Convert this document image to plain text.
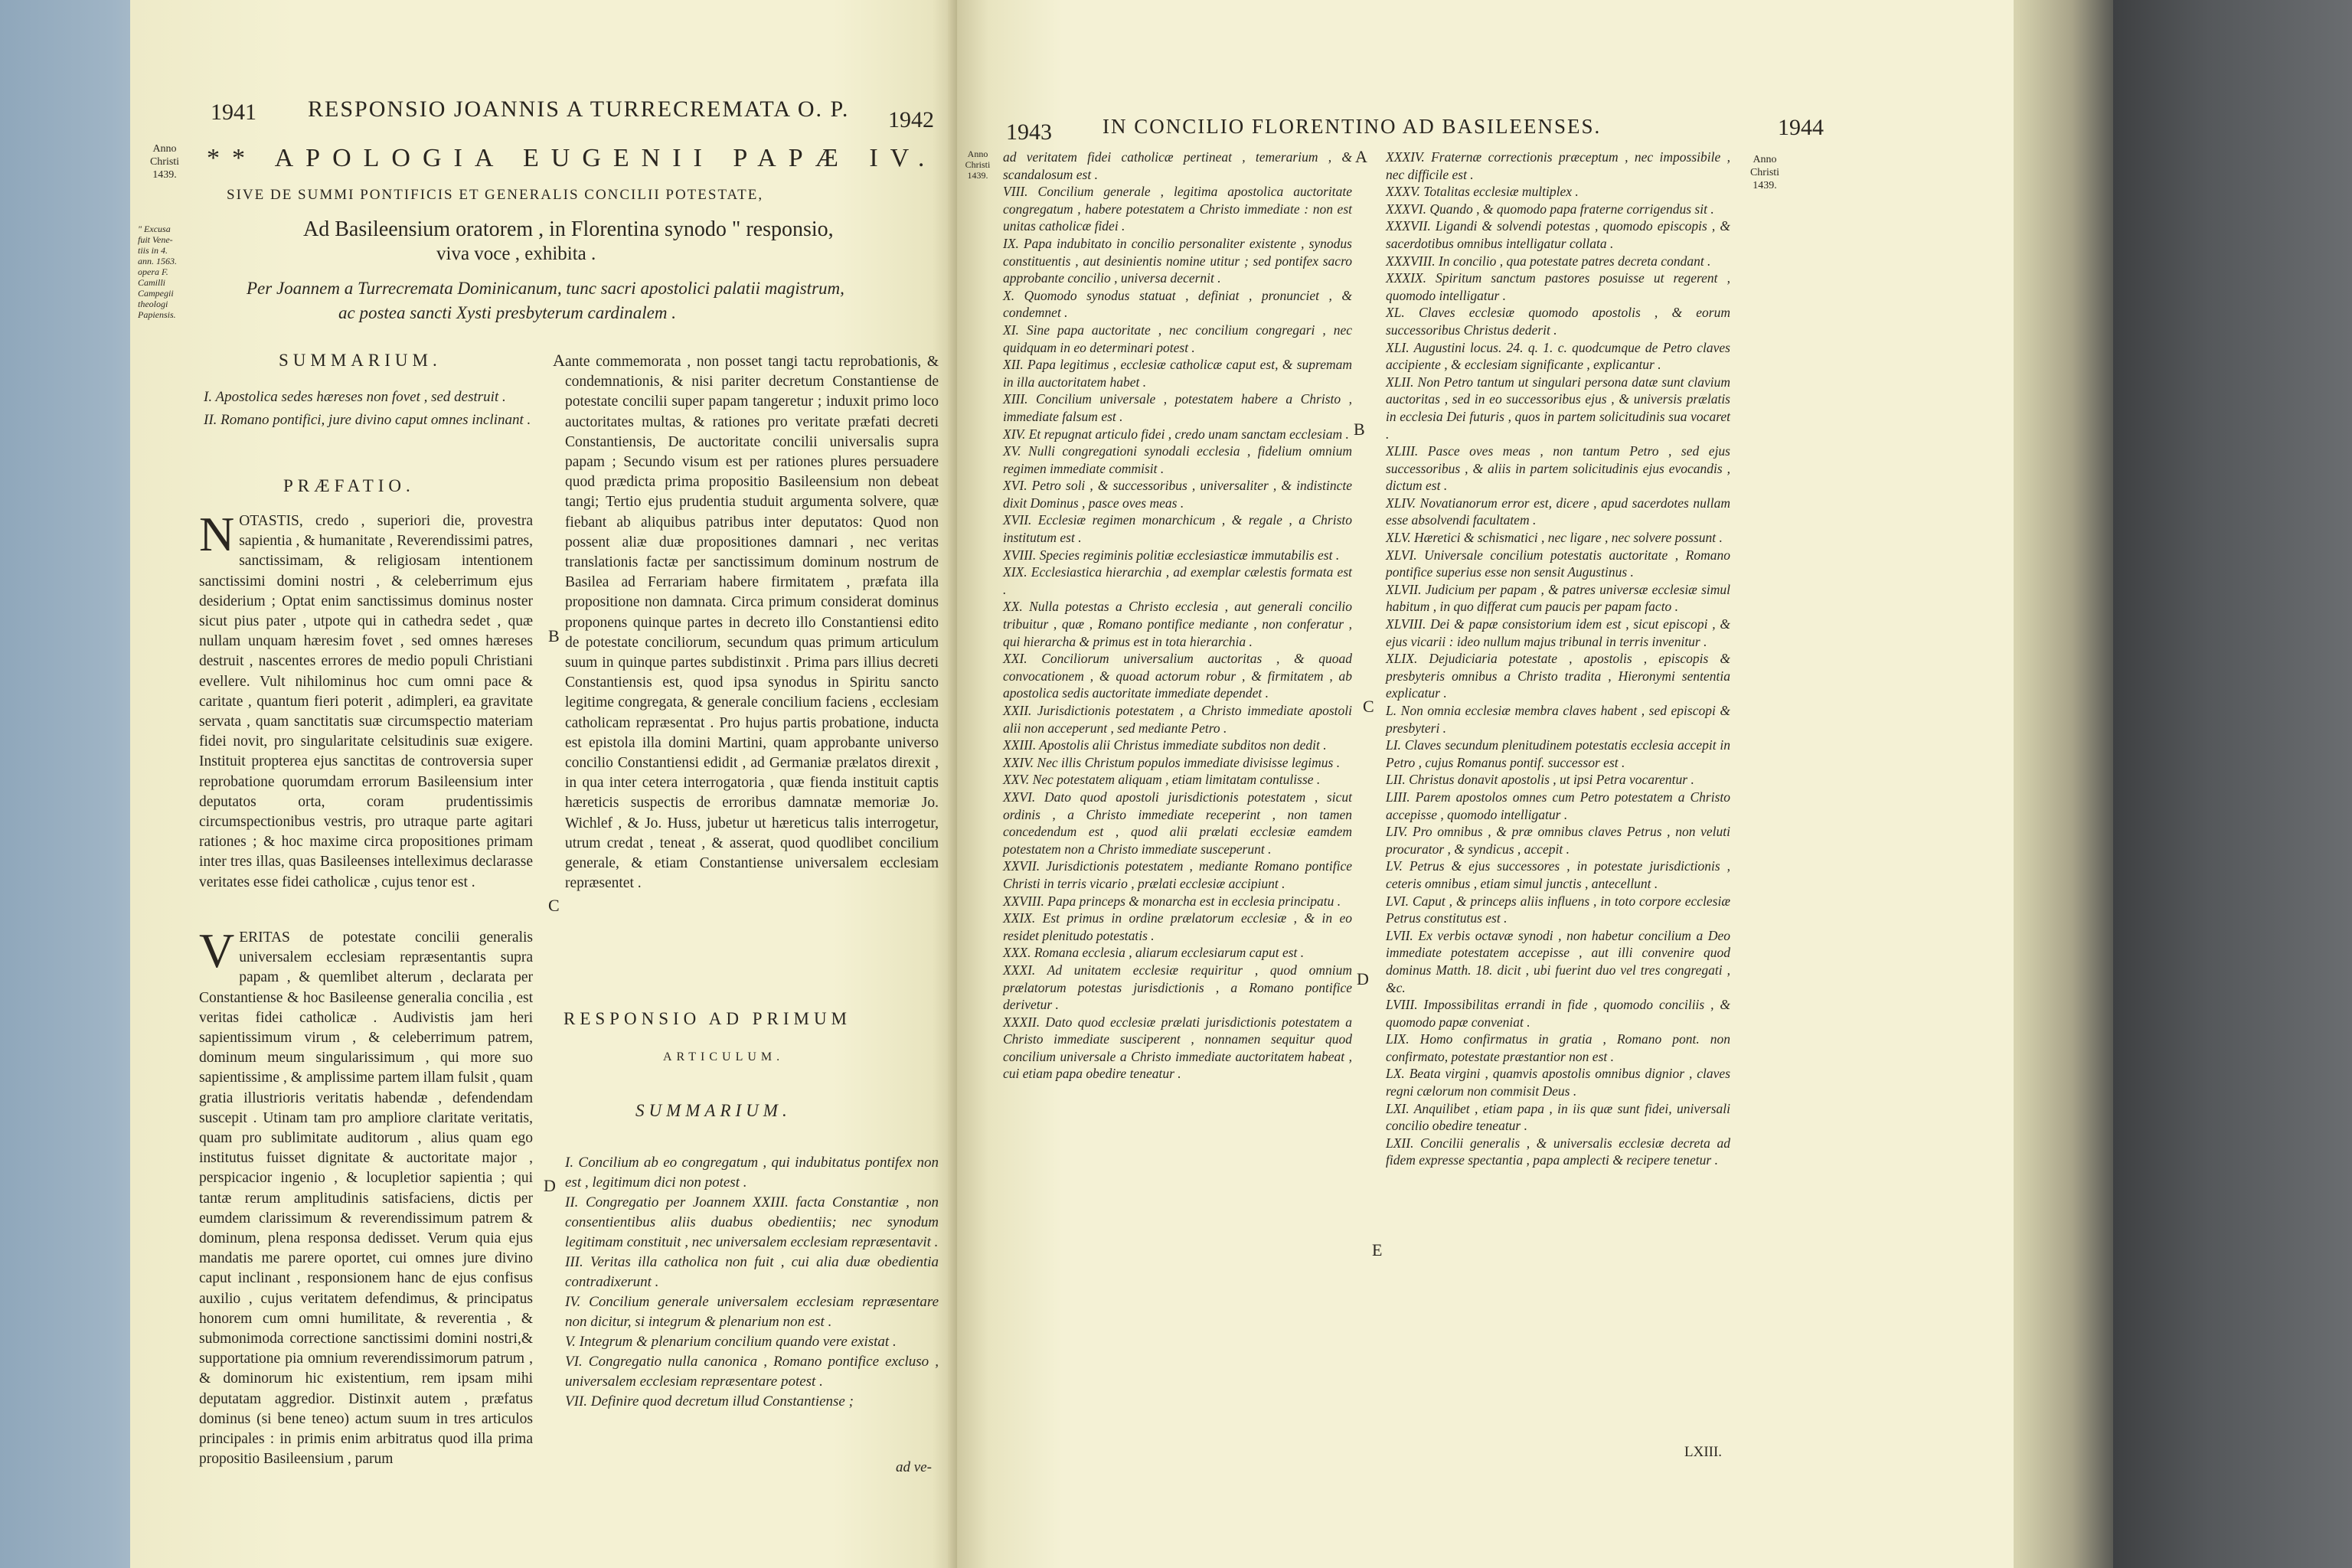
1941 RESPONSIO JOANNIS A TURRECREMATA O. P. 1942
Anno
Christi
1439.
" Excusa
fuit Vene-
tiis in 4.
ann. 1563.
opera F.
Camilli
Campegii
theologi
Papiensis.
** APOLOGIA EUGENII PAPÆ IV.
SIVE DE SUMMI PONTIFICIS ET GENERALIS CONCILII POTESTATE,
Ad Basileensium oratorem , in Florentina synodo " responsio,
viva voce , exhibita .
Per Joannem a Turrecremata Dominicanum, tunc sacri apostolici palatii magistrum,
ac postea sancti Xysti presbyterum cardinalem .
SUMMARIUM.

I. Apostolica sedes hæreses non fovet , sed destruit .

II. Romano pontifici, jure divino caput omnes inclinant .

PRÆFATIO.

NOTASTIS, credo , superiori die, provestra sapientia , & humanitate , Reverendissimi patres, sanctissimam, & religiosam intentionem sanctissimi domini nostri , & celeberrimum ejus desiderium ; Optat enim sanctissimus dominus noster sicut pius pater , utpote qui in cathedra sedet , quæ nullam unquam hæresim fovet , sed omnes hæreses destruit , nascentes errores de medio populi Christiani evellere. Vult nihilominus hoc cum omni pace & caritate , quantum fieri poterit , adimpleri, ea gravitate servata , quam sanctitatis suæ circumspectio materiam fidei novit, pro singularitate celsitudinis suæ exigere. Instituit propterea ejus sanctitas de controversia super reprobatione quorumdam errorum Basileensium inter deputatos orta, coram prudentissimis circumspectionibus vestris, pro utraque parte agitari rationes ; & hoc maxime circa propositiones primam inter tres illas, quas Basileenses intelleximus declarasse veritates esse fidei catholicæ , cujus tenor est .

VERITAS de potestate concilii generalis universalem ecclesiam repræsentantis supra papam , & quemlibet alterum , declarata per Constantiense & hoc Basileense generalia concilia , est veritas fidei catholicæ . Audivistis jam heri sapientissimum virum , & celeberrimum patrem, dominum meum singularissimum , qui more suo sapientissime , & amplissime partem illam fulsit , quam gratia illustrioris veritatis habendæ , defendendam suscepit . Utinam tam pro ampliore claritate veritatis, quam pro sublimitate auditorum , alius quam ego institutus fuisset dignitate & auctoritate major , perspicacior ingenio , & locupletior sapientia ; qui tantæ rerum amplitudinis satisfaciens, dictis per eumdem clarissimum & reverendissimum patrem & dominum, plena responsa dedisset. Verum quia ejus mandatis me parere oportet, cui omnes jure divino caput inclinant , responsionem hanc de ejus confisus auxilio , cujus veritatem defendimus, & principatus honorem cum omni humilitate, & reverentia , & submonimoda correctione sanctissimi domini nostri,& supportatione pia omnium reverendissimorum patrum , & dominorum hic existentium, rem ipsam mihi deputatam aggredior. Distinxit autem , præfatus dominus (si bene teneo) actum suum in tres articulos principales : in primis enim arbitratus quod illa prima propositio Basileensium , parum

ante commemorata , non posset tangi tactu reprobationis, & condemnationis, & nisi pariter decretum Constantiense de potestate concilii super papam tangeretur ; induxit primo loco auctoritates multas, & rationes pro veritate præfati decreti Constantiensis, De auctoritate concilii universalis supra papam ; Secundo visum est per rationes plures persuadere quod prædicta prima propositio Basileensium non debeat tangi; Tertio ejus prudentia studuit argumenta solvere, quæ fiebant ab aliquibus patribus inter deputatos: Quod non possent aliæ duæ propositiones damnari , nec veritas translationis factæ per sanctissimum dominum nostrum de Basilea ad Ferrariam habere firmitatem , præfata illa propositione non damnata. Circa primum considerat dominus proponens quinque partes in decreto illo Constantiensi edito de potestate conciliorum, secundum quas primum articulum suum in quinque partes subdistinxit . Prima pars illius decreti Constantiensis est, quod ipsa synodus in Spiritu sancto legitime congregata, & generale concilium faciens , ecclesiam catholicam repræsentat . Pro hujus partis probatione, inducta est epistola illa domini Martini, quam approbante universo concilio Constantiensi edidit , ad Germaniæ prælatos direxit , in qua inter cetera interrogatoria , quæ fienda instituit captis hæreticis suspectis de erroribus damnatæ memoriæ Jo. Wichlef , & Jo. Huss, jubetur ut hæreticus talis interrogetur, utrum credat , teneat , & asserat, quod quodlibet concilium generale, & etiam Constantiense universalem ecclesiam repræsentet .

A
B
C
D
RESPONSIO AD PRIMUM
ARTICULUM.
SUMMARIUM.

I. Concilium ab eo congregatum , qui indubitatus pontifex non est , legitimum dici non potest .

II. Congregatio per Joannem XXIII. facta Constantiæ , non consentientibus aliis duabus obedientiis; nec synodum legitimam constituit , nec universalem ecclesiam repræsentavit .

III. Veritas illa catholica non fuit , cui alia duæ obedientia contradixerunt .

IV. Concilium generale universalem ecclesiam repræsentare non dicitur, si integrum & plenarium non est .

V. Integrum & plenarium concilium quando vere existat .

VI. Congregatio nulla canonica , Romano pontifice excluso , universalem ecclesiam repræsentare potest .

VII. Definire quod decretum illud Constantiense ;

ad ve-
1943 IN CONCILIO FLORENTINO AD BASILEENSES.	1944
Anno
Christi
1439.
Anno
Christi
1439.

ad veritatem fidei catholicæ pertineat , temerarium , & scandalosum est .

VIII. Concilium generale , legitima apostolica auctoritate congregatum , habere potestatem a Christo immediate : non est unitas catholicæ fidei .

IX. Papa indubitato in concilio personaliter existente , synodus constituentis , aut desinientis nomine utitur ; sed pontifex sacro approbante concilio , universa decernit .

X. Quomodo synodus statuat , definiat , pronunciet , & condemnet .

XI. Sine papa auctoritate , nec concilium congregari , nec quidquam in eo determinari potest .

XII. Papa legitimus , ecclesiæ catholicæ caput est, & supremam in illa auctoritatem habet .

XIII. Concilium universale , potestatem habere a Christo , immediate falsum est .

XIV. Et repugnat articulo fidei , credo unam sanctam ecclesiam .

XV. Nulli congregationi synodali ecclesia , fidelium omnium regimen immediate commisit .

XVI. Petro soli , & successoribus , universaliter , & indistincte dixit Dominus , pasce oves meas .

XVII. Ecclesiæ regimen monarchicum , & regale , a Christo institutum est .

XVIII. Species regiminis politiæ ecclesiasticæ immutabilis est .

XIX. Ecclesiastica hierarchia , ad exemplar cælestis formata est .

XX. Nulla potestas a Christo ecclesia , aut generali concilio tribuitur , quæ , Romano pontifice mediante , non conferatur , qui hierarcha & primus est in tota hierarchia .

XXI. Conciliorum universalium auctoritas , & quoad convocationem , & quoad actorum robur , & firmitatem , ab apostolica sedis auctoritate immediate dependet .

XXII. Jurisdictionis potestatem , a Christo immediate apostoli alii non acceperunt , sed mediante Petro .

XXIII. Apostolis alii Christus immediate subditos non dedit .

XXIV. Nec illis Christum populos immediate divisisse legimus .

XXV. Nec potestatem aliquam , etiam limitatam contulisse .

XXVI. Dato quod apostoli jurisdictionis potestatem , sicut ordinis , a Christo immediate receperint , non tamen concedendum est , quod alii prælati ecclesiæ eamdem potestatem non a Christo immediate susceperunt .

XXVII. Jurisdictionis potestatem , mediante Romano pontifice Christi in terris vicario , prælati ecclesiæ accipiunt .

XXVIII. Papa princeps & monarcha est in ecclesia principatu .

XXIX. Est primus in ordine prælatorum ecclesiæ , & in eo residet plenitudo potestatis .

XXX. Romana ecclesia , aliarum ecclesiarum caput est .

XXXI. Ad unitatem ecclesiæ requiritur , quod omnium prælatorum potestas jurisdictionis , a Romano pontifice derivetur .

XXXII. Dato quod ecclesiæ prælati jurisdictionis potestatem a Christo immediate susciperent , nonnamen sequitur quod concilium universale a Christo immediate auctoritatem habeat , cui etiam papa obedire teneatur .

A
B
C
D
E

XXXIV. Fraternæ correctionis præceptum , nec impossibile , nec difficile est .

XXXV. Totalitas ecclesiæ multiplex .

XXXVI. Quando , & quomodo papa fraterne corrigendus sit .

XXXVII. Ligandi & solvendi potestas , quomodo episcopis , & sacerdotibus omnibus intelligatur collata .

XXXVIII. In concilio , qua potestate patres decreta condant .

XXXIX. Spiritum sanctum pastores posuisse ut regerent , quomodo intelligatur .

XL. Claves ecclesiæ quomodo apostolis , & eorum successoribus Christus dederit .

XLI. Augustini locus. 24. q. 1. c. quodcumque de Petro claves accipiente , & ecclesiam significante , explicantur .

XLII. Non Petro tantum ut singulari persona datæ sunt clavium auctoritas , sed in eo successoribus ejus , & universis prælatis in ecclesia Dei futuris , quos in partem solicitudinis sua vocaret .

XLIII. Pasce oves meas , non tantum Petro , sed ejus successoribus , & aliis in partem solicitudinis ejus evocandis , dictum est .

XLIV. Novatianorum error est, dicere , apud sacerdotes nullam esse absolvendi facultatem .

XLV. Hæretici & schismatici , nec ligare , nec solvere possunt .

XLVI. Universale concilium potestatis auctoritate , Romano pontifice superius esse non sensit Augustinus .

XLVII. Judicium per papam , & patres universæ ecclesiæ simul habitum , in quo differat cum paucis per papam facto .

XLVIII. Dei & papæ consistorium idem est , sicut episcopi , & ejus vicarii : ideo nullum majus tribunal in terris invenitur .

XLIX. Dejudiciaria potestate , apostolis , episcopis & presbyteris omnibus a Christo tradita , Hieronymi sententia explicatur .

L. Non omnia ecclesiæ membra claves habent , sed episcopi & presbyteri .

LI. Claves secundum plenitudinem potestatis ecclesia accepit in Petro , cujus Romanus pontif. successor est .

LII. Christus donavit apostolis , ut ipsi Petra vocarentur .

LIII. Parem apostolos omnes cum Petro potestatem a Christo accepisse , quomodo intelligatur .

LIV. Pro omnibus , & præ omnibus claves Petrus , non veluti procurator , & syndicus , accepit .

LV. Petrus & ejus successores , in potestate jurisdictionis , ceteris omnibus , etiam simul junctis , antecellunt .

LVI. Caput , & princeps aliis influens , in toto corpore ecclesiæ Petrus constitutus est .

LVII. Ex verbis octavæ synodi , non habetur concilium a Deo immediate potestatem accepisse , aut illi convenire quod dominus Matth. 18. dicit , ubi fuerint duo vel tres congregati , &c.

LVIII. Impossibilitas errandi in fide , quomodo conciliis , & quomodo papæ conveniat .

LIX. Homo confirmatus in gratia , Romano pont. non confirmato, potestate præstantior non est .

LX. Beata virgini , quamvis apostolis omnibus dignior , claves regni cælorum non commisit Deus .

LXI. Anquilibet , etiam papa , in iis quæ sunt fidei, universali concilio obedire teneatur .

LXII. Concilii generalis , & universalis ecclesiæ decreta ad fidem expresse spectantia , papa amplecti & recipere tenetur .

LXIII.
